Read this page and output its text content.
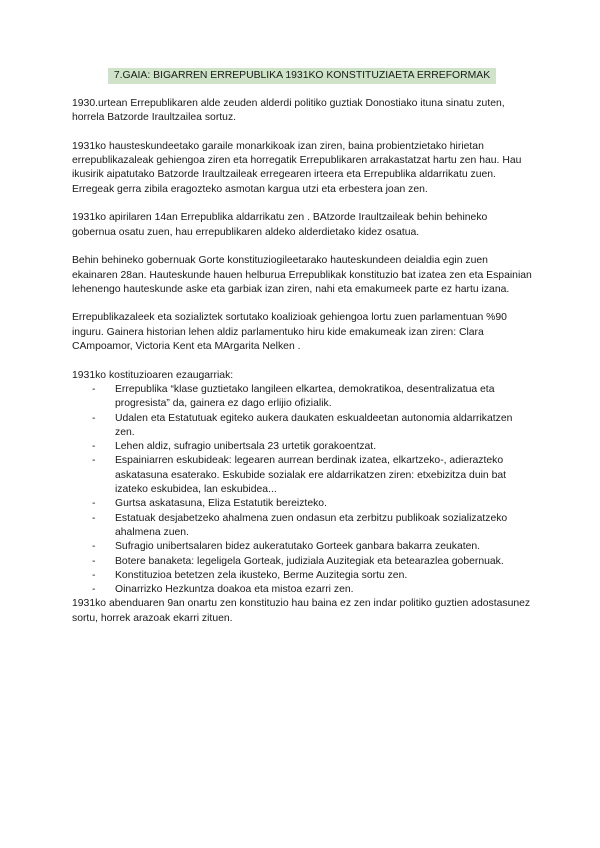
7.GAIA: BIGARREN ERREPUBLIKA 1931KO KONSTITUZIAETA ERREFORMAK

1930.urtean Errepublikaren alde zeuden alderdi politiko guztiak Donostiako ituna sinatu zuten, horrela Batzorde Iraultzailea sortuz.

1931ko hausteskundeetako garaile monarkikoak izan ziren, baina probientzietako hirietan errepublikazaleak gehiengoa ziren eta horregatik Errepublikaren arrakastatzat hartu zen hau. Hau ikusirik aipatutako Batzorde Iraultzaileak erregearen irteera eta Errepublika aldarrikatu zuen. Erregeak gerra zibila eragozteko asmotan kargua utzi eta erbestera joan zen.

1931ko apirilaren 14an Errepublika aldarrikatu zen . BAtzorde Iraultzaileak behin behineko gobernua osatu zuen, hau errepublikaren aldeko alderdietako kidez osatua.

Behin behineko gobernuak Gorte konstituziogileetarako hauteskundeen deialdia egin zuen ekainaren 28an. Hauteskunde hauen helburua Errepublikak konstituzio bat izatea zen eta Espainian lehenengo hauteskunde aske eta garbiak izan ziren, nahi eta emakumeek parte ez hartu izana.

Errepublikazaleek eta sozializtek sortutako koalizioak gehiengoa lortu zuen parlamentuan %90 inguru. Gainera historian lehen aldiz parlamentuko hiru kide emakumeak izan ziren: Clara CAmpoamor, Victoria Kent eta MArgarita Nelken .

1931ko kostituzioaren ezaugarriak:

- Errepublika “klase guztietako langileen elkartea, demokratikoa, desentralizatua eta progresista” da, gainera ez dago erlijio ofizialik.
- Udalen eta Estatutuak egiteko aukera daukaten eskualdeetan autonomia aldarrikatzen zen.
- Lehen aldiz, sufragio unibertsala 23 urtetik gorakoentzat.
- Espainiarren eskubideak: legearen aurrean berdinak izatea, elkartzeko-, adierazteko askatasuna esaterako. Eskubide sozialak ere aldarrikatzen ziren: etxebizitza duin bat izateko eskubidea, lan eskubidea...
- Gurtsa askatasuna, Eliza Estatutik bereizteko.
- Estatuak desjabetzeko ahalmena zuen ondasun eta zerbitzu publikoak sozializatzeko ahalmena zuen.
- Sufragio unibertsalaren bidez aukeratutako Gorteek ganbara bakarra zeukaten.
- Botere banaketa: legeligela Gorteak, judiziala Auzitegiak eta betearazlea gobernuak.
- Konstituzioa betetzen zela ikusteko, Berme Auzitegia sortu zen.
- Oinarrizko Hezkuntza doakoa eta mistoa ezarri zen.

1931ko abenduaren 9an onartu zen konstituzio hau baina ez zen indar politiko guztien adostasunez sortu, horrek arazoak ekarri zituen.
